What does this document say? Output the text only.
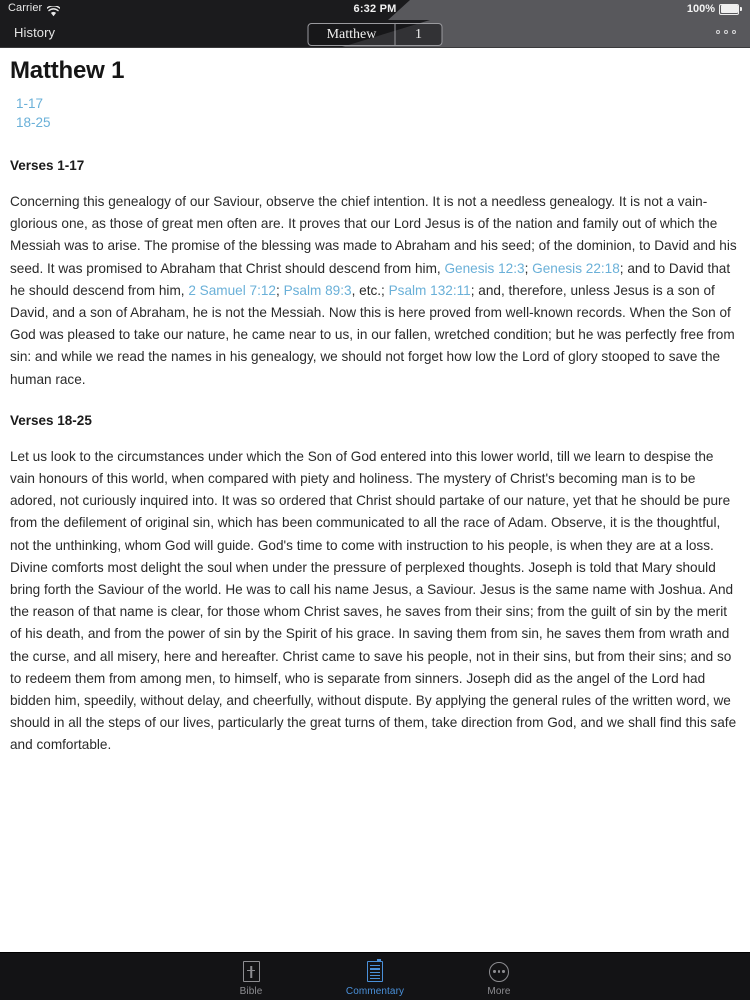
Carrier	6:32 PM	100%
History	Matthew	1
Matthew 1
1-17
18-25
Verses 1-17

Concerning this genealogy of our Saviour, observe the chief intention. It is not a needless genealogy. It is not a vain-glorious one, as those of great men often are. It proves that our Lord Jesus is of the nation and family out of which the Messiah was to arise. The promise of the blessing was made to Abraham and his seed; of the dominion, to David and his seed. It was promised to Abraham that Christ should descend from him, Genesis 12:3; Genesis 22:18; and to David that he should descend from him, 2 Samuel 7:12; Psalm 89:3, etc.; Psalm 132:11; and, therefore, unless Jesus is a son of David, and a son of Abraham, he is not the Messiah. Now this is here proved from well-known records. When the Son of God was pleased to take our nature, he came near to us, in our fallen, wretched condition; but he was perfectly free from sin: and while we read the names in his genealogy, we should not forget how low the Lord of glory stooped to save the human race.

Verses 18-25

Let us look to the circumstances under which the Son of God entered into this lower world, till we learn to despise the vain honours of this world, when compared with piety and holiness. The mystery of Christ's becoming man is to be adored, not curiously inquired into. It was so ordered that Christ should partake of our nature, yet that he should be pure from the defilement of original sin, which has been communicated to all the race of Adam. Observe, it is the thoughtful, not the unthinking, whom God will guide. God's time to come with instruction to his people, is when they are at a loss. Divine comforts most delight the soul when under the pressure of perplexed thoughts. Joseph is told that Mary should bring forth the Saviour of the world. He was to call his name Jesus, a Saviour. Jesus is the same name with Joshua. And the reason of that name is clear, for those whom Christ saves, he saves from their sins; from the guilt of sin by the merit of his death, and from the power of sin by the Spirit of his grace. In saving them from sin, he saves them from wrath and the curse, and all misery, here and hereafter. Christ came to save his people, not in their sins, but from their sins; and so to redeem them from among men, to himself, who is separate from sinners. Joseph did as the angel of the Lord had bidden him, speedily, without delay, and cheerfully, without dispute. By applying the general rules of the written word, we should in all the steps of our lives, particularly the great turns of them, take direction from God, and we shall find this safe and comfortable.

Bible	Commentary	More
